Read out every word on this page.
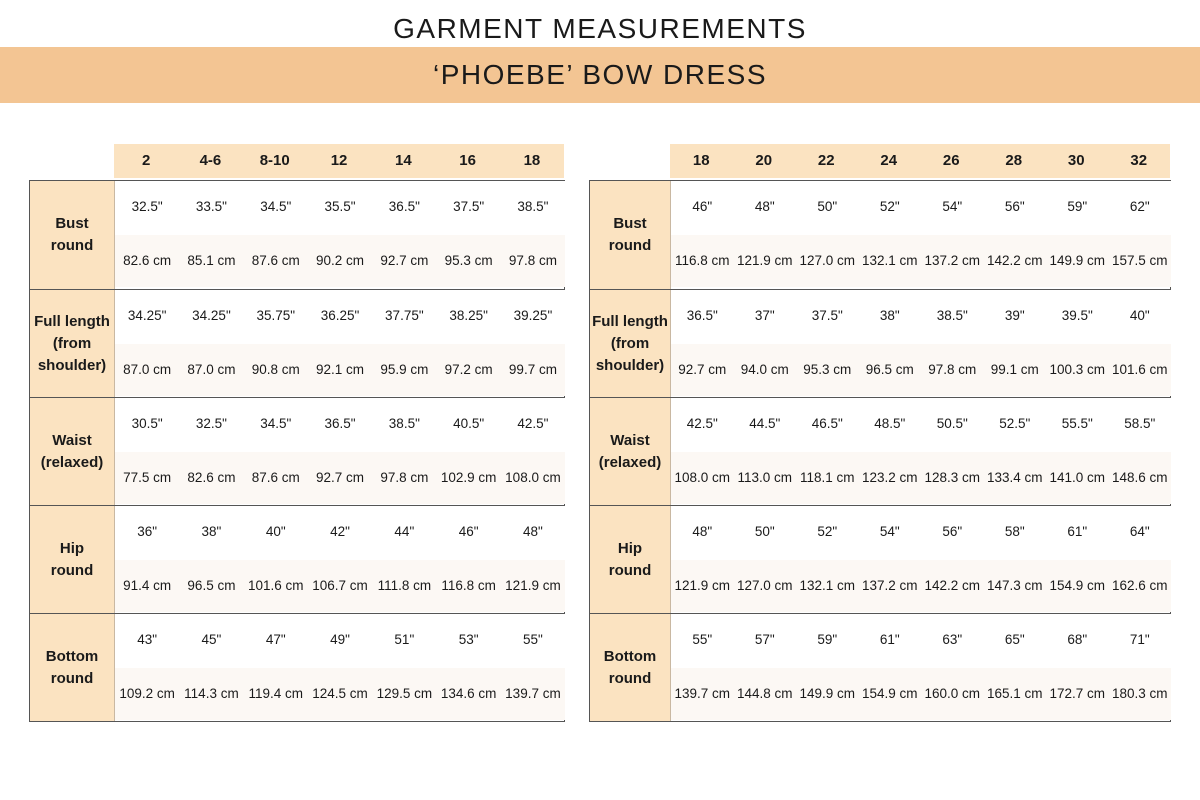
GARMENT MEASUREMENTS
‘PHOEBE’ BOW DRESS
2	4-6	8-10	12	14	16	18
Bust
round
32.5"	33.5"	34.5"	35.5"	36.5"	37.5"	38.5"
82.6 cm	85.1 cm	87.6 cm	90.2 cm	92.7 cm	95.3 cm	97.8 cm
Full length
(from
shoulder)
34.25"	34.25"	35.75"	36.25"	37.75"	38.25"	39.25"
87.0 cm	87.0 cm	90.8 cm	92.1 cm	95.9 cm	97.2 cm	99.7 cm
Waist
(relaxed)
30.5"	32.5"	34.5"	36.5"	38.5"	40.5"	42.5"
77.5 cm	82.6 cm	87.6 cm	92.7 cm	97.8 cm 102.9 cm 108.0 cm
Hip
round
36"	38"	40"	42"	44"	46"	48"
91.4 cm	96.5 cm 101.6 cm 106.7 cm 111.8 cm 116.8 cm 121.9 cm
Bottom
round
43"	45"	47"	49"	51"	53"	55"
109.2 cm 114.3 cm 119.4 cm 124.5 cm 129.5 cm 134.6 cm 139.7 cm
18	20	22	24	26	28	30	32
Bust
round
46"	48"	50"	52"	54"	56"	59"	62"
116.8 cm 121.9 cm 127.0 cm 132.1 cm 137.2 cm 142.2 cm 149.9 cm 157.5 cm
Full length
(from
shoulder)
36.5"	37"	37.5"	38"	38.5"	39"	39.5"	40"
92.7 cm	94.0 cm	95.3 cm	96.5 cm	97.8 cm	99.1 cm 100.3 cm 101.6 cm
Waist
(relaxed)
42.5"	44.5"	46.5"	48.5"	50.5"	52.5"	55.5"	58.5"
108.0 cm 113.0 cm 118.1 cm 123.2 cm 128.3 cm 133.4 cm 141.0 cm 148.6 cm
Hip
round
48"	50"	52"	54"	56"	58"	61"	64"
121.9 cm 127.0 cm 132.1 cm 137.2 cm 142.2 cm 147.3 cm 154.9 cm 162.6 cm
Bottom
round
55"	57"	59"	61"	63"	65"	68"	71"
139.7 cm 144.8 cm 149.9 cm 154.9 cm 160.0 cm 165.1 cm 172.7 cm 180.3 cm
